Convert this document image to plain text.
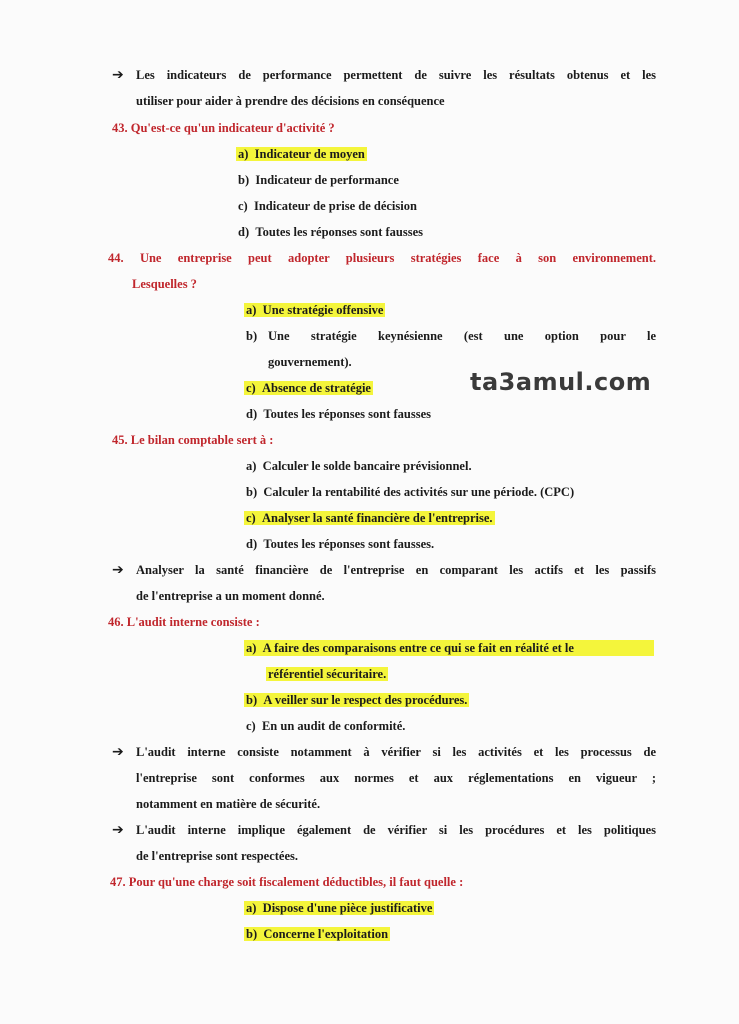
➔ Les indicateurs de performance permettent de suivre les résultats obtenus et les
utiliser pour aider à prendre des décisions en conséquence
43. Qu'est-ce qu'un indicateur d'activité ?
a) Indicateur de moyen
b) Indicateur de performance
c) Indicateur de prise de décision
d) Toutes les réponses sont fausses
44. Une entreprise peut adopter plusieurs stratégies face à son environnement.
Lesquelles ?
a) Une stratégie offensive
b) Une stratégie keynésienne (est une option pour le
gouvernement).
c) Absence de stratégie
d) Toutes les réponses sont fausses
ta3amul.com
45. Le bilan comptable sert à :
a) Calculer le solde bancaire prévisionnel.
b) Calculer la rentabilité des activités sur une période. (CPC)
c) Analyser la santé financière de l'entreprise.
d) Toutes les réponses sont fausses.
➔ Analyser la santé financière de l'entreprise en comparant les actifs et les passifs
de l'entreprise a un moment donné.
46. L'audit interne consiste :
a) A faire des comparaisons entre ce qui se fait en réalité et le
référentiel sécuritaire.
b) A veiller sur le respect des procédures.
c) En un audit de conformité.
➔ L'audit interne consiste notamment à vérifier si les activités et les processus de
l'entreprise sont conformes aux normes et aux réglementations en vigueur ;
notamment en matière de sécurité.
➔ L'audit interne implique également de vérifier si les procédures et les politiques
de l'entreprise sont respectées.
47. Pour qu'une charge soit fiscalement déductibles, il faut quelle :
a) Dispose d'une pièce justificative
b) Concerne l'exploitation
